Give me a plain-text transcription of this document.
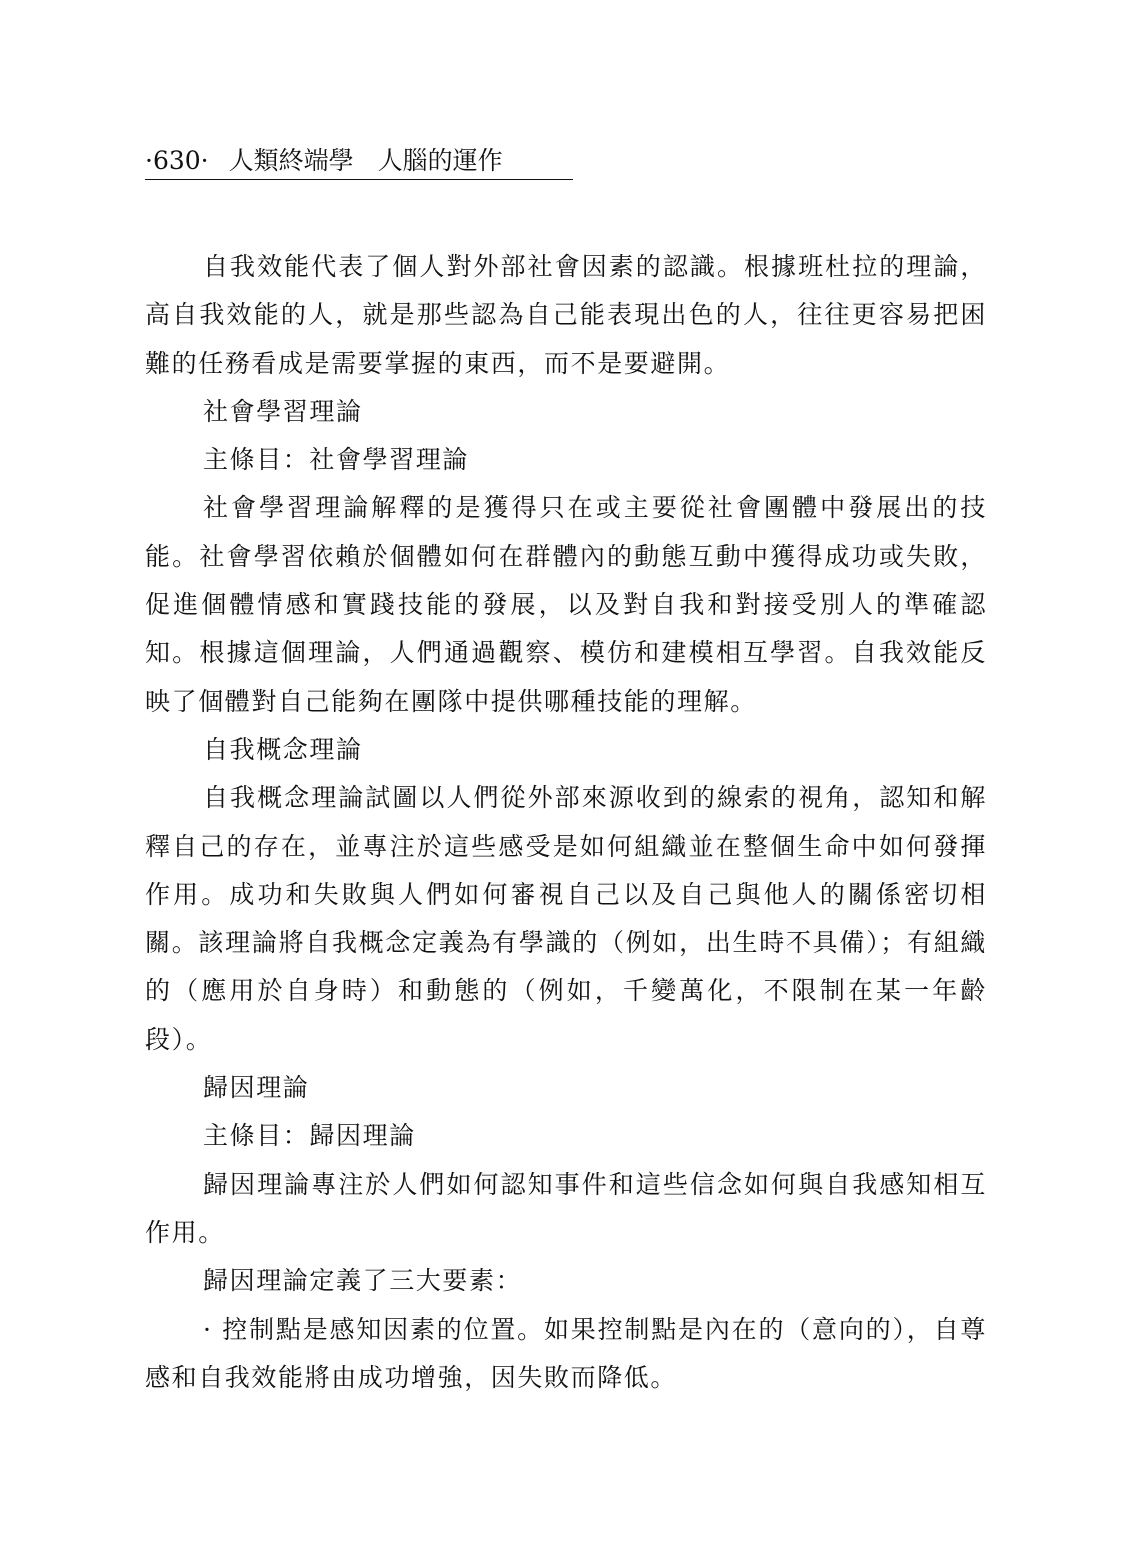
·630· 人類終端學 人腦的運作

自我效能代表了個人對外部社會因素的認識。根據班杜拉的理論，高自我效能的人，就是那些認為自己能表現出色的人，往往更容易把困難的任務看成是需要掌握的東西，而不是要避開。

社會學習理論

主條目：社會學習理論

社會學習理論解釋的是獲得只在或主要從社會團體中發展出的技能。社會學習依賴於個體如何在群體內的動態互動中獲得成功或失敗，促進個體情感和實踐技能的發展，以及對自我和對接受別人的準確認知。根據這個理論，人們通過觀察、模仿和建模相互學習。自我效能反映了個體對自己能夠在團隊中提供哪種技能的理解。

自我概念理論

自我概念理論試圖以人們從外部來源收到的線索的視角，認知和解釋自己的存在，並專注於這些感受是如何組織並在整個生命中如何發揮作用。成功和失敗與人們如何審視自己以及自己與他人的關係密切相關。該理論將自我概念定義為有學識的（例如，出生時不具備）；有組織的（應用於自身時）和動態的（例如，千變萬化，不限制在某一年齡段）。

歸因理論

主條目：歸因理論

歸因理論專注於人們如何認知事件和這些信念如何與自我感知相互作用。

歸因理論定義了三大要素：

· 控制點是感知因素的位置。如果控制點是內在的（意向的），自尊感和自我效能將由成功增強，因失敗而降低。
